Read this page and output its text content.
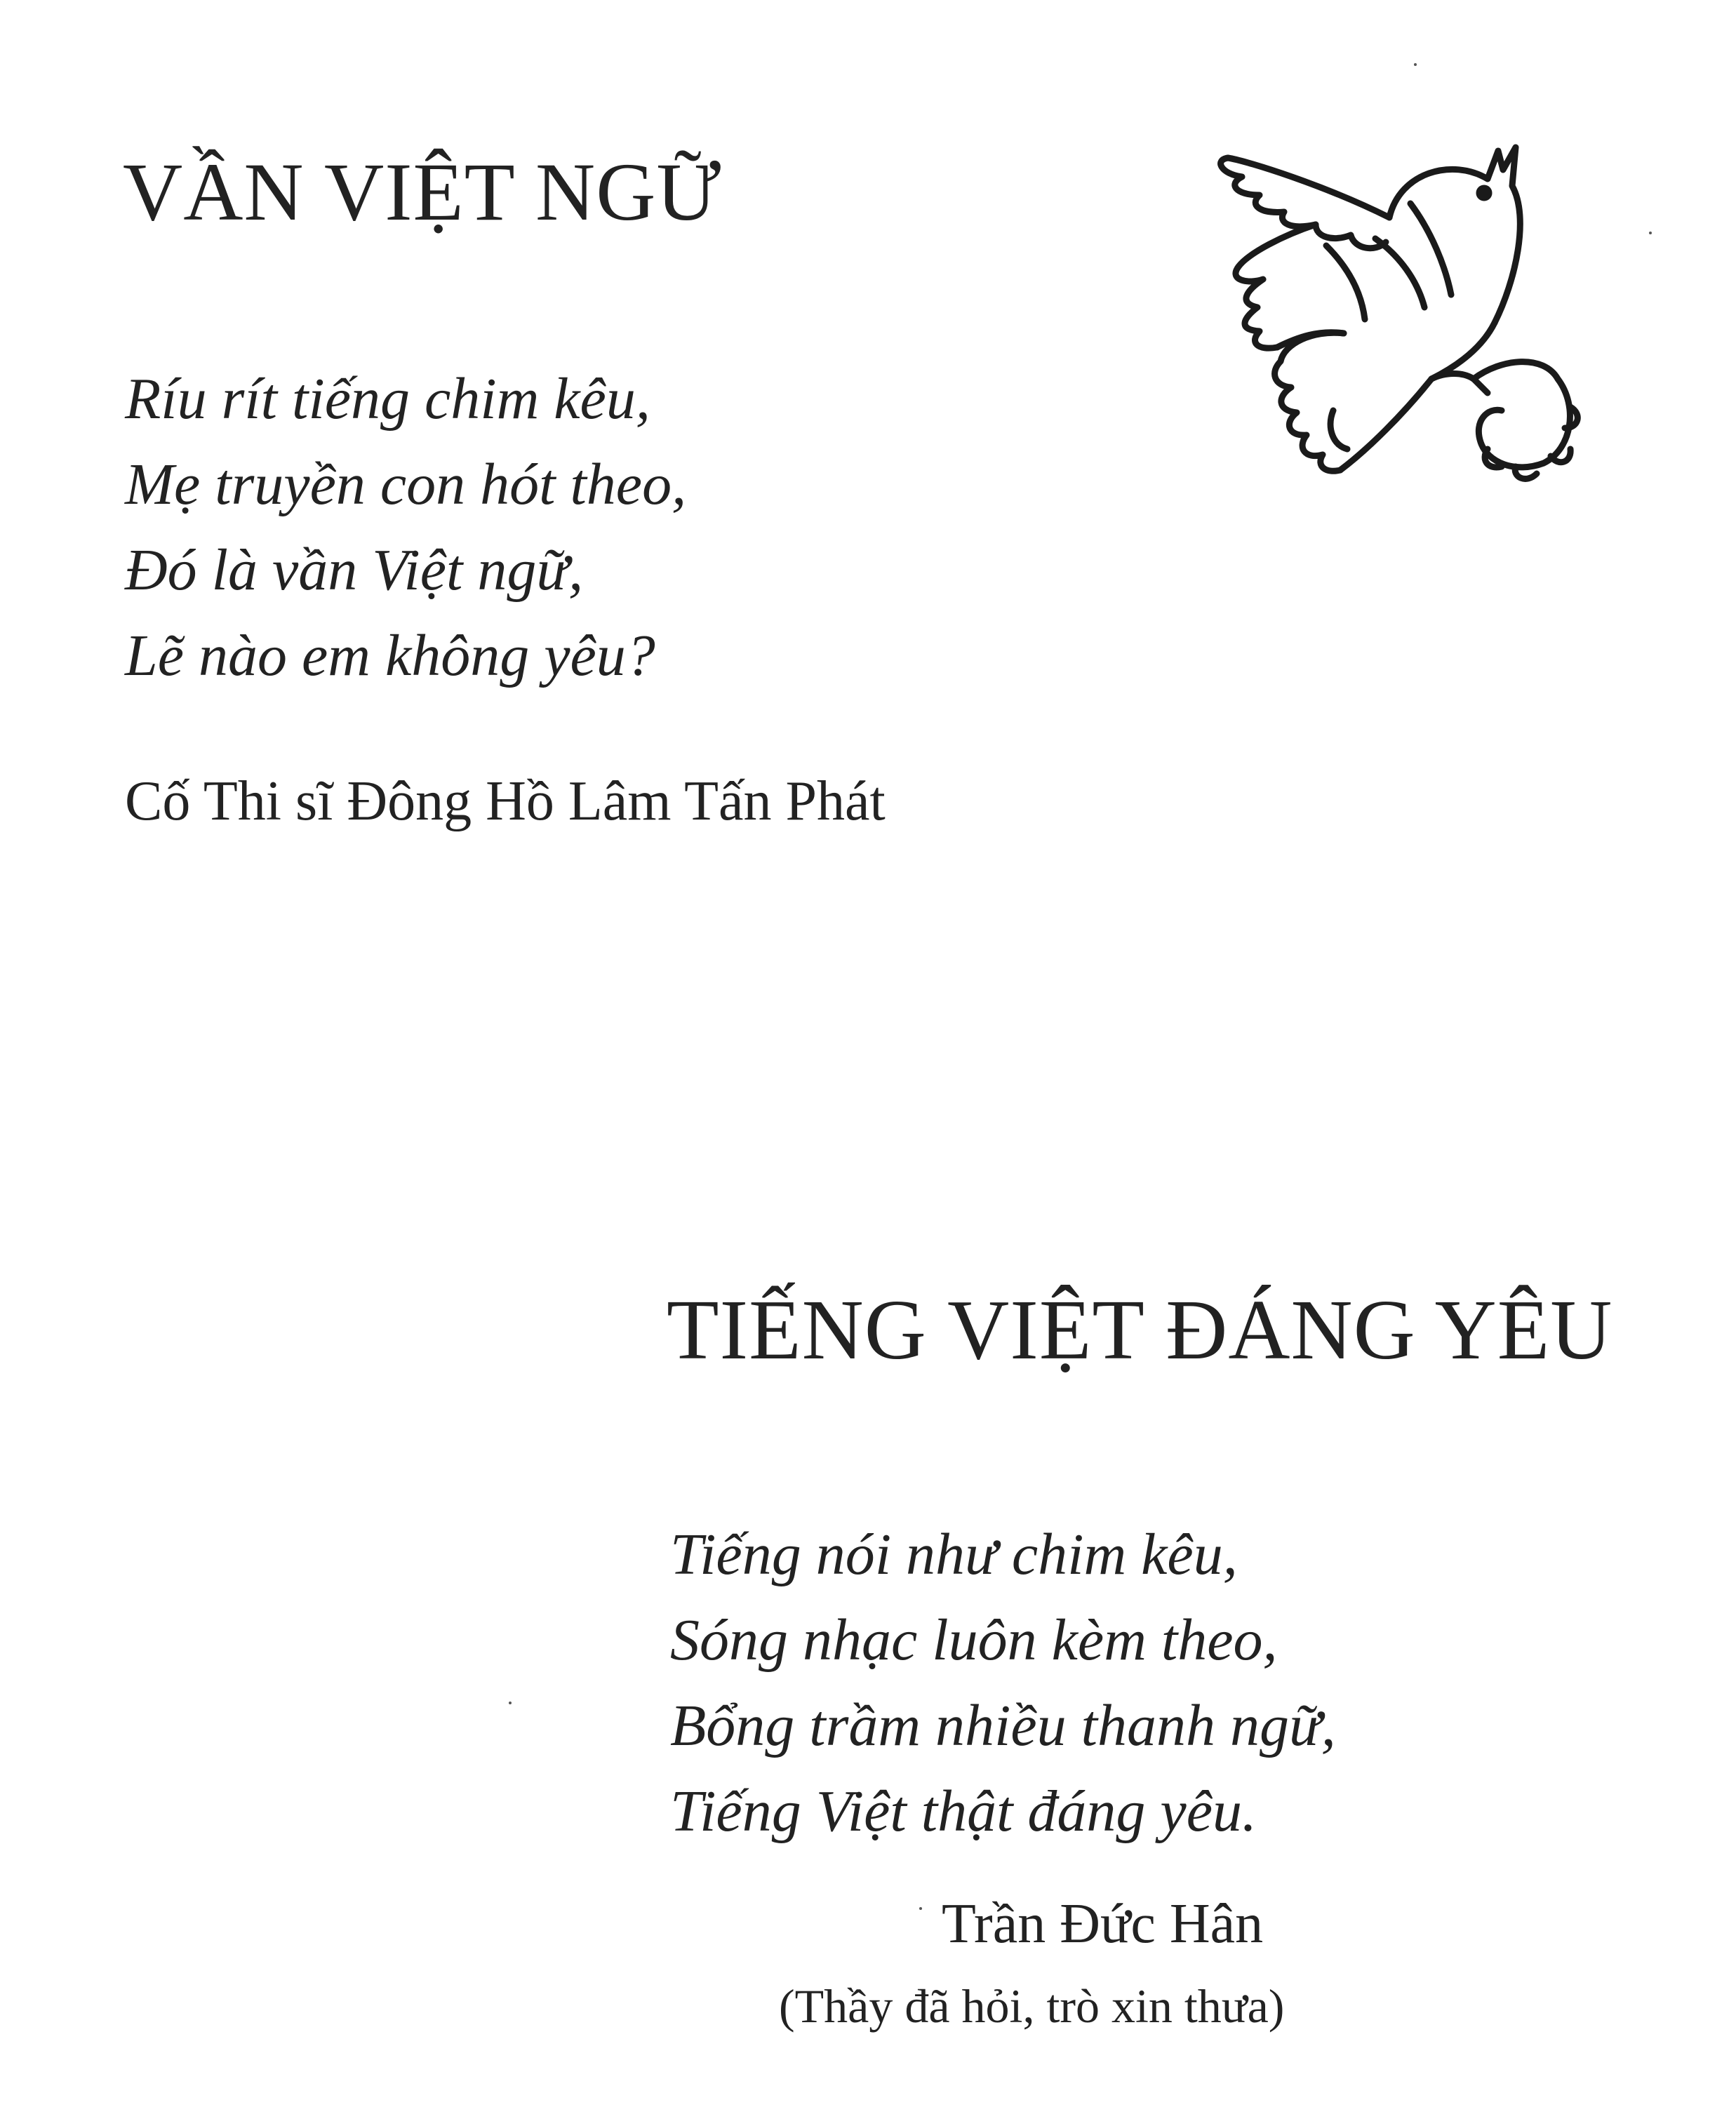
VẦN VIỆT NGỮ
Ríu rít tiếng chim kêu,
Mẹ truyền con hót theo,
Đó là vần Việt ngữ,
Lẽ nào em không yêu?

Cố Thi sĩ Đông Hồ Lâm Tấn Phát

TIẾNG VIỆT ĐÁNG YÊU
Tiếng nói như chim kêu,
Sóng nhạc luôn kèm theo,
Bổng trầm nhiều thanh ngữ,
Tiếng Việt thật đáng yêu.

Trần Đức Hân

(Thầy đã hỏi, trò xin thưa)
